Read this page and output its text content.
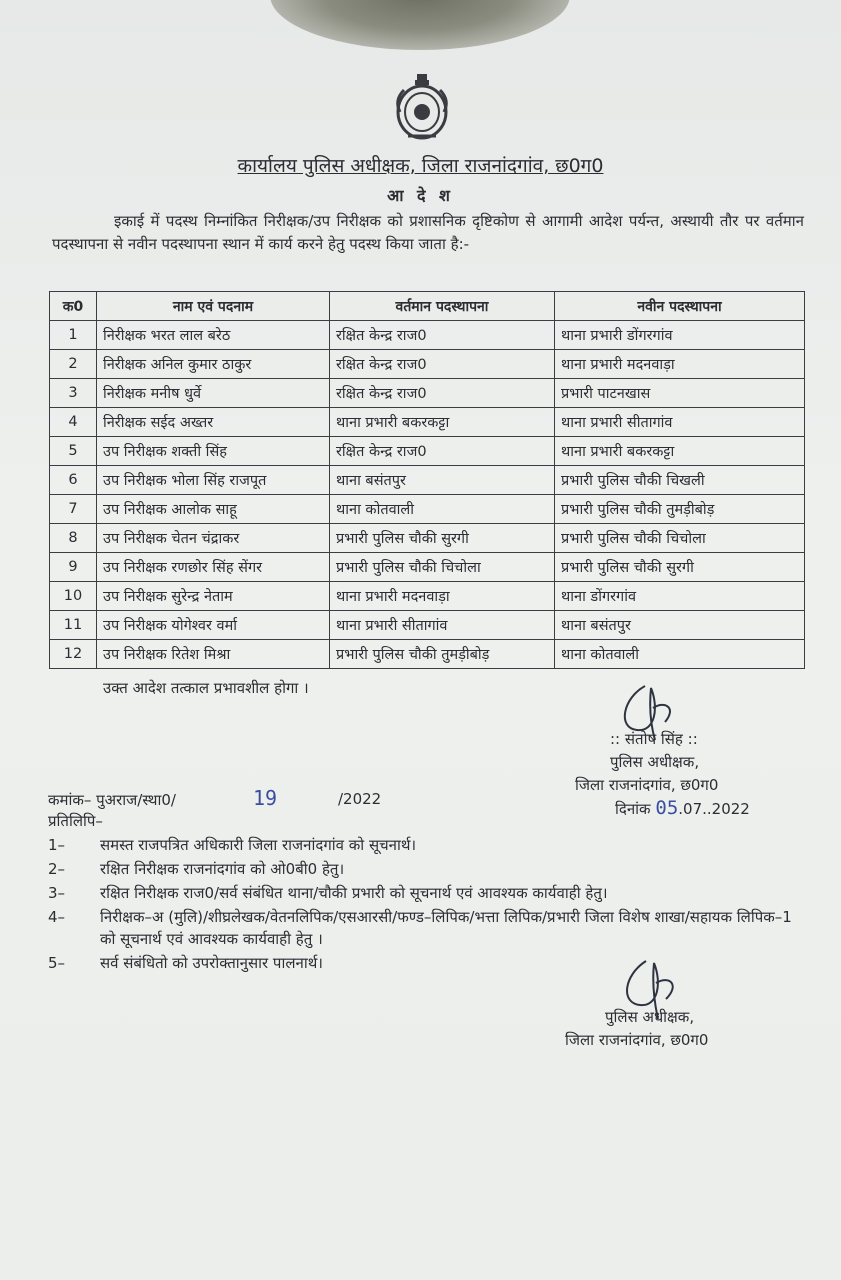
कार्यालय पुलिस अधीक्षक, जिला राजनांदगांव, छ0ग0
आ दे श
इकाई में पदस्थ निम्नांकित निरीक्षक/उप निरीक्षक को प्रशासनिक दृष्टिकोण से आगामी आदेश पर्यन्त, अस्थायी तौर पर वर्तमान पदस्थापना से नवीन पदस्थापना स्थान में कार्य करने हेतु पदस्थ किया जाता है:-
क0	नाम एवं पदनाम	वर्तमान पदस्थापना	नवीन पदस्थापना
1	निरीक्षक भरत लाल बरेठ	रक्षित केन्द्र राज0	थाना प्रभारी डोंगरगांव
2	निरीक्षक अनिल कुमार ठाकुर	रक्षित केन्द्र राज0	थाना प्रभारी मदनवाड़ा
3	निरीक्षक मनीष धुर्वे	रक्षित केन्द्र राज0	प्रभारी पाटनखास
4	निरीक्षक सईद अख्तर	थाना प्रभारी बकरकट्टा	थाना प्रभारी सीतागांव
5	उप निरीक्षक शक्ती सिंह	रक्षित केन्द्र राज0	थाना प्रभारी बकरकट्टा
6	उप निरीक्षक भोला सिंह राजपूत	थाना बसंतपुर	प्रभारी पुलिस चौकी चिखली
7	उप निरीक्षक आलोक साहू	थाना कोतवाली	प्रभारी पुलिस चौकी तुमड़ीबोड़
8	उप निरीक्षक चेतन चंद्राकर	प्रभारी पुलिस चौकी सुरगी	प्रभारी पुलिस चौकी चिचोला
9	उप निरीक्षक रणछोर सिंह सेंगर	प्रभारी पुलिस चौकी चिचोला	प्रभारी पुलिस चौकी सुरगी
10	उप निरीक्षक सुरेन्द्र नेताम	थाना प्रभारी मदनवाड़ा	थाना डोंगरगांव
11	उप निरीक्षक योगेश्वर वर्मा	थाना प्रभारी सीतागांव	थाना बसंतपुर
12	उप निरीक्षक रितेश मिश्रा	प्रभारी पुलिस चौकी तुमड़ीबोड़	थाना कोतवाली
उक्त आदेश तत्काल प्रभावशील होगा ।
:: संतोष सिंह ::
पुलिस अधीक्षक,
जिला राजनांदगांव, छ0ग0
दिनांक 05.07..2022
कमांक– पुअराज/स्था0/	19	/2022
प्रतिलिपि–
1–	समस्त राजपत्रित अधिकारी जिला राजनांदगांव को सूचनार्थ।
2–	रक्षित निरीक्षक राजनांदगांव को ओ0बी0 हेतु।
3–	रक्षित निरीक्षक राज0/सर्व संबंधित थाना/चौकी प्रभारी को सूचनार्थ एवं आवश्यक कार्यवाही हेतु।
4–	निरीक्षक–अ (मुलि)/शीघ्रलेखक/वेतनलिपिक/एसआरसी/फण्ड–लिपिक/भत्ता लिपिक/प्रभारी जिला विशेष शाखा/सहायक लिपिक–1 को सूचनार्थ एवं आवश्यक कार्यवाही हेतु ।
5–	सर्व संबंधितो को उपरोक्तानुसार पालनार्थ।
पुलिस अधीक्षक,
जिला राजनांदगांव, छ0ग0
